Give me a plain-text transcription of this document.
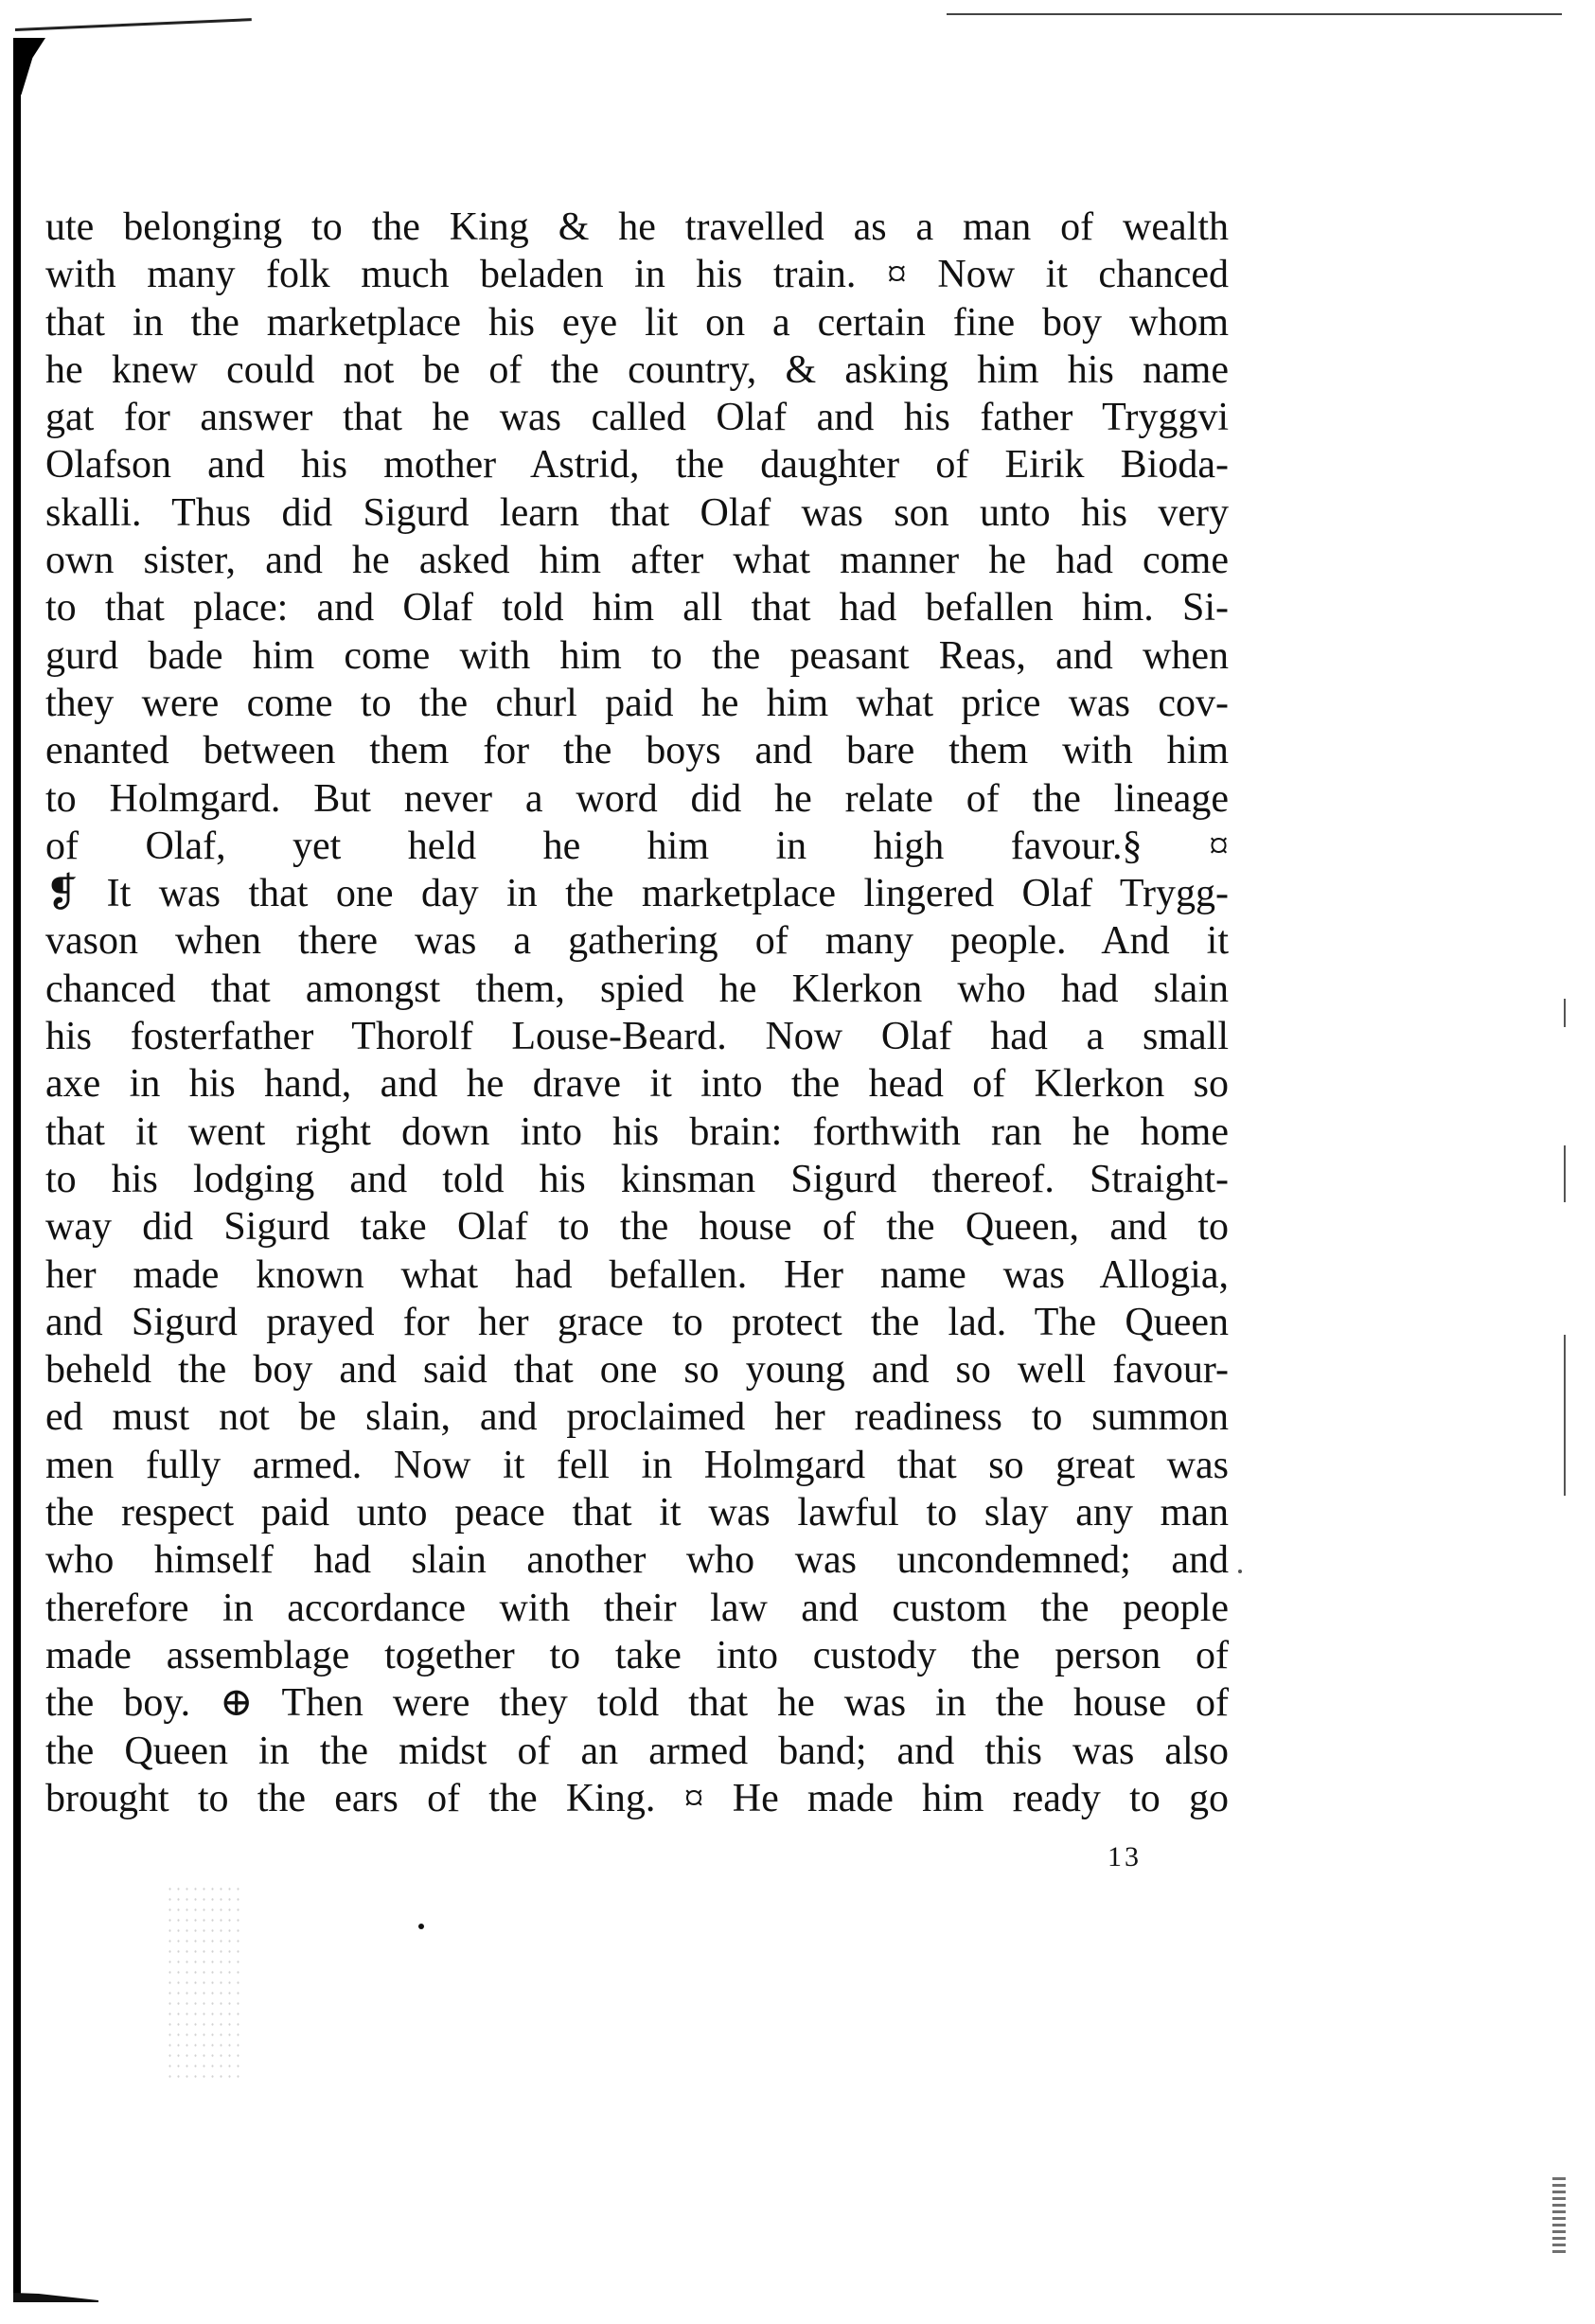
ute belonging to the King & he travelled as a man of wealth
with many folk much beladen in his train. ¤ Now it chanced
that in the marketplace his eye lit on a certain fine boy whom
he knew could not be of the country, & asking him his name
gat for answer that he was called Olaf and his father Tryggvi
Olafson and his mother Astrid, the daughter of Eirik Bioda-
skalli. Thus did Sigurd learn that Olaf was son unto his very
own sister, and he asked him after what manner he had come
to that place: and Olaf told him all that had befallen him. Si-
gurd bade him come with him to the peasant Reas, and when
they were come to the churl paid he him what price was cov-
enanted between them for the boys and bare them with him
to Holmgard. But never a word did he relate of the lineage
of Olaf, yet held he him in high favour.§ ¤
❡ It was that one day in the marketplace lingered Olaf Trygg-
vason when there was a gathering of many people. And it
chanced that amongst them, spied he Klerkon who had slain
his fosterfather Thorolf Louse-Beard. Now Olaf had a small
axe in his hand, and he drave it into the head of Klerkon so
that it went right down into his brain: forthwith ran he home
to his lodging and told his kinsman Sigurd thereof. Straight-
way did Sigurd take Olaf to the house of the Queen, and to
her made known what had befallen. Her name was Allogia,
and Sigurd prayed for her grace to protect the lad. The Queen
beheld the boy and said that one so young and so well favour-
ed must not be slain, and proclaimed her readiness to summon
men fully armed. Now it fell in Holmgard that so great was
the respect paid unto peace that it was lawful to slay any man
who himself had slain another who was uncondemned; and
therefore in accordance with their law and custom the people
made assemblage together to take into custody the person of
the boy. ⊕ Then were they told that he was in the house of
the Queen in the midst of an armed band; and this was also
brought to the ears of the King. ¤ He made him ready to go
13
